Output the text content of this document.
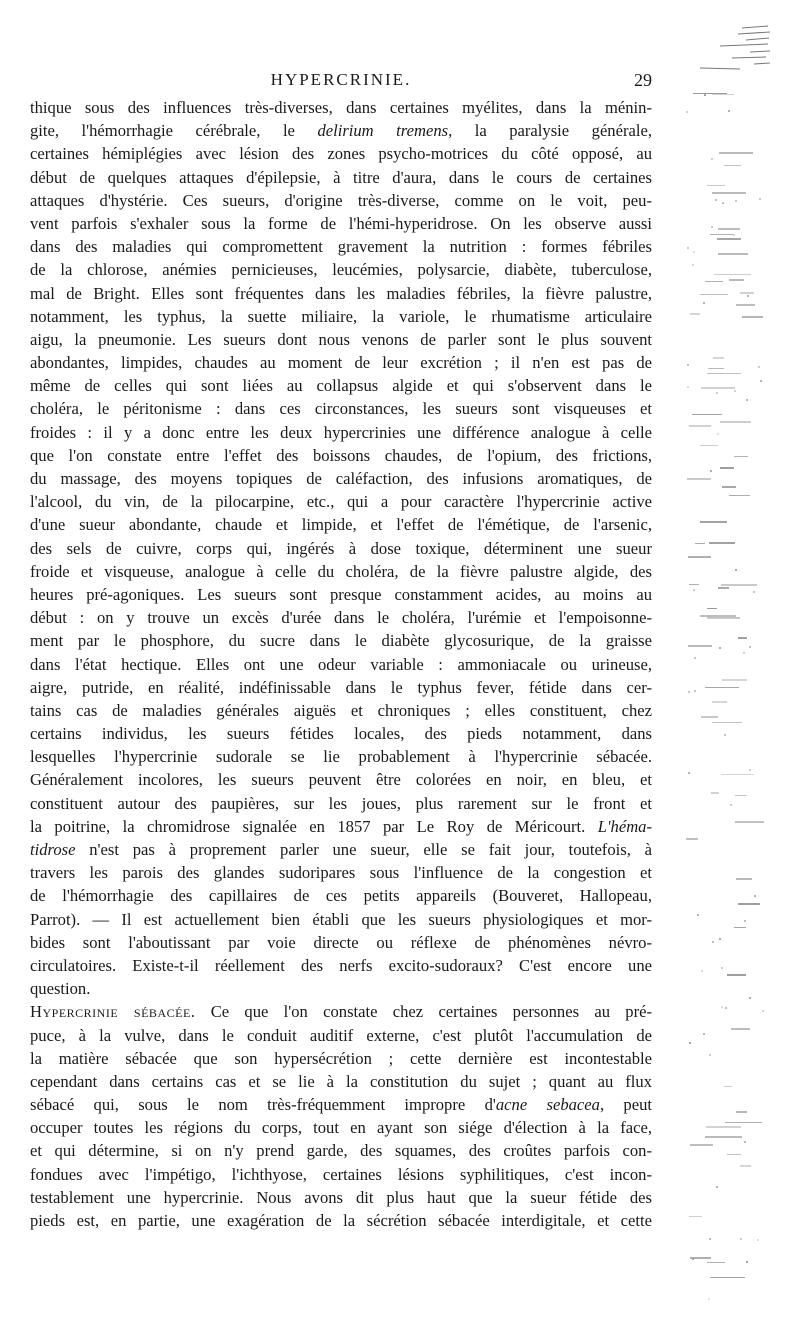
HYPERCRINIE.	29
thique sous des influences très-diverses, dans certaines myélites, dans la ménin-
gite, l'hémorrhagie cérébrale, le delirium tremens, la paralysie générale,
certaines hémiplégies avec lésion des zones psycho-motrices du côté opposé, au
début de quelques attaques d'épilepsie, à titre d'aura, dans le cours de certaines
attaques d'hystérie. Ces sueurs, d'origine très-diverse, comme on le voit, peu-
vent parfois s'exhaler sous la forme de l'hémi-hyperidrose. On les observe aussi
dans des maladies qui compromettent gravement la nutrition : formes fébriles
de la chlorose, anémies pernicieuses, leucémies, polysarcie, diabète, tuberculose,
mal de Bright. Elles sont fréquentes dans les maladies fébriles, la fièvre palustre,
notamment, les typhus, la suette miliaire, la variole, le rhumatisme articulaire
aigu, la pneumonie. Les sueurs dont nous venons de parler sont le plus souvent
abondantes, limpides, chaudes au moment de leur excrétion ; il n'en est pas de
même de celles qui sont liées au collapsus algide et qui s'observent dans le
choléra, le péritonisme : dans ces circonstances, les sueurs sont visqueuses et
froides : il y a donc entre les deux hypercrinies une différence analogue à celle
que l'on constate entre l'effet des boissons chaudes, de l'opium, des frictions,
du massage, des moyens topiques de caléfaction, des infusions aromatiques, de
l'alcool, du vin, de la pilocarpine, etc., qui a pour caractère l'hypercrinie active
d'une sueur abondante, chaude et limpide, et l'effet de l'émétique, de l'arsenic,
des sels de cuivre, corps qui, ingérés à dose toxique, déterminent une sueur
froide et visqueuse, analogue à celle du choléra, de la fièvre palustre algide, des
heures pré-agoniques. Les sueurs sont presque constamment acides, au moins au
début : on y trouve un excès d'urée dans le choléra, l'urémie et l'empoisonne-
ment par le phosphore, du sucre dans le diabète glycosurique, de la graisse
dans l'état hectique. Elles ont une odeur variable : ammoniacale ou urineuse,
aigre, putride, en réalité, indéfinissable dans le typhus fever, fétide dans cer-
tains cas de maladies générales aiguës et chroniques ; elles constituent, chez
certains individus, les sueurs fétides locales, des pieds notamment, dans
lesquelles l'hypercrinie sudorale se lie probablement à l'hypercrinie sébacée.
Généralement incolores, les sueurs peuvent être colorées en noir, en bleu, et
constituent autour des paupières, sur les joues, plus rarement sur le front et
la poitrine, la chromidrose signalée en 1857 par Le Roy de Méricourt. L'héma-
tidrose n'est pas à proprement parler une sueur, elle se fait jour, toutefois, à
travers les parois des glandes sudoripares sous l'influence de la congestion et
de l'hémorrhagie des capillaires de ces petits appareils (Bouveret, Hallopeau,
Parrot). — Il est actuellement bien établi que les sueurs physiologiques et mor-
bides sont l'aboutissant par voie directe ou réflexe de phénomènes névro-
circulatoires. Existe-t-il réellement des nerfs excito-sudoraux? C'est encore une
question.
Hypercrinie sébacée. Ce que l'on constate chez certaines personnes au pré-
puce, à la vulve, dans le conduit auditif externe, c'est plutôt l'accumulation de
la matière sébacée que son hypersécrétion ; cette dernière est incontestable
cependant dans certains cas et se lie à la constitution du sujet ; quant au flux
sébacé qui, sous le nom très-fréquemment impropre d'acne sebacea, peut
occuper toutes les régions du corps, tout en ayant son siége d'élection à la face,
et qui détermine, si on n'y prend garde, des squames, des croûtes parfois con-
fondues avec l'impétigo, l'ichthyose, certaines lésions syphilitiques, c'est incon-
testablement une hypercrinie. Nous avons dit plus haut que la sueur fétide des
pieds est, en partie, une exagération de la sécrétion sébacée interdigitale, et cette
